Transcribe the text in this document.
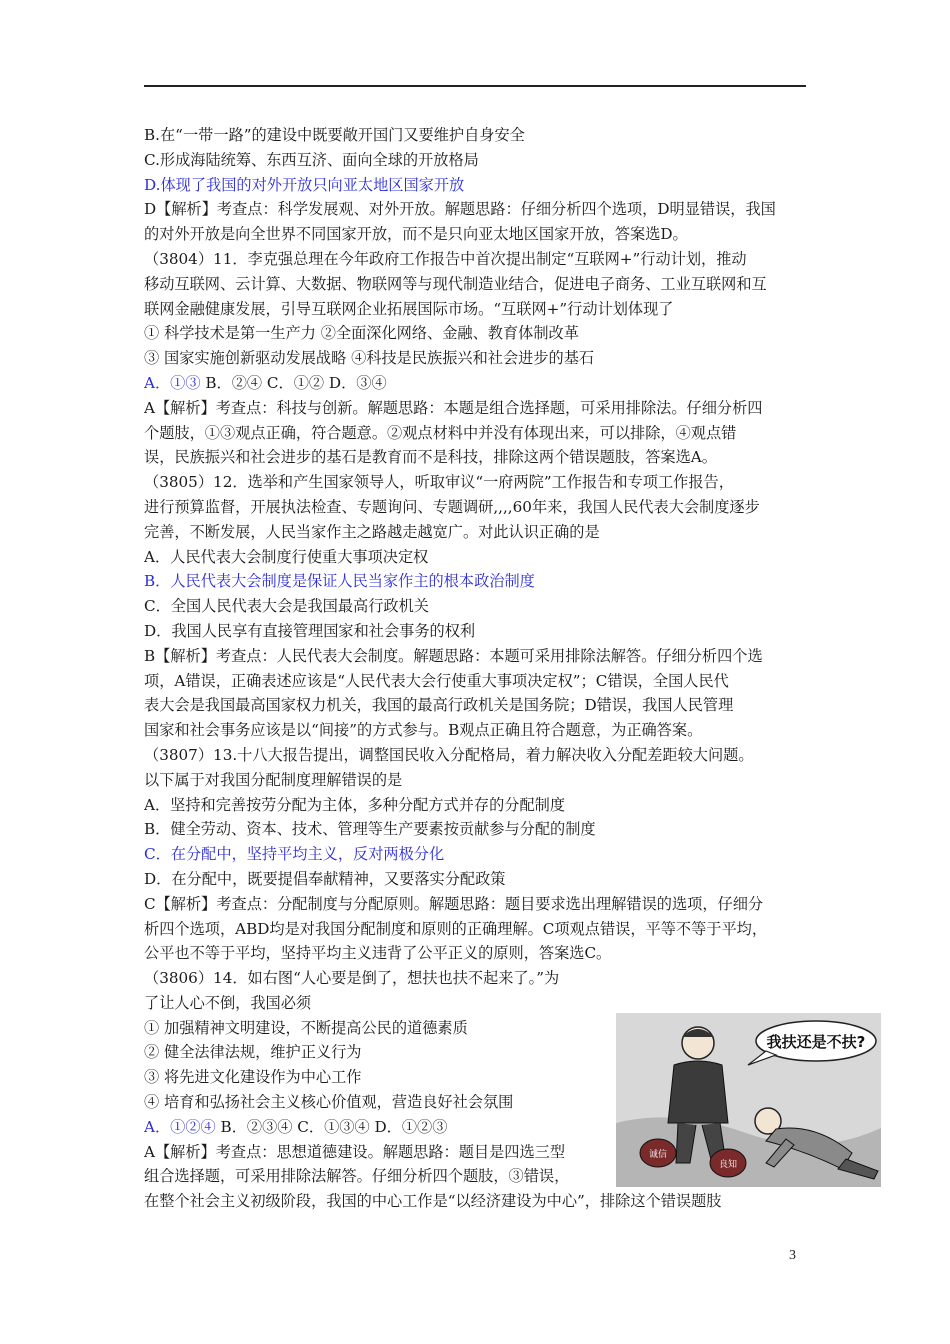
B.在“一带一路”的建设中既要敞开国门又要维护自身安全
C.形成海陆统筹、东西互济、面向全球的开放格局
D.体现了我国的对外开放只向亚太地区国家开放
D【解析】考查点：科学发展观、对外开放。解题思路：仔细分析四个选项，D明显错误，我国
的对外开放是向全世界不同国家开放，而不是只向亚太地区国家开放，答案选D。
（3804）11．李克强总理在今年政府工作报告中首次提出制定“互联网+”行动计划，推动
移动互联网、云计算、大数据、物联网等与现代制造业结合，促进电子商务、工业互联网和互
联网金融健康发展，引导互联网企业拓展国际市场。“互联网+”行动计划体现了
① 科学技术是第一生产力 ②全面深化网络、金融、教育体制改革
③ 国家实施创新驱动发展战略 ④科技是民族振兴和社会进步的基石
A．①③ B．②④ C．①② D．③④
A【解析】考查点：科技与创新。解题思路：本题是组合选择题，可采用排除法。仔细分析四
个题肢，①③观点正确，符合题意。②观点材料中并没有体现出来，可以排除，④观点错
误，民族振兴和社会进步的基石是教育而不是科技，排除这两个错误题肢，答案选A。
（3805）12．选举和产生国家领导人，听取审议“一府两院”工作报告和专项工作报告，
进行预算监督，开展执法检查、专题询问、专题调研,,,,60年来，我国人民代表大会制度逐步
完善，不断发展，人民当家作主之路越走越宽广。对此认识正确的是
A．人民代表大会制度行使重大事项决定权
B．人民代表大会制度是保证人民当家作主的根本政治制度
C．全国人民代表大会是我国最高行政机关
D．我国人民享有直接管理国家和社会事务的权利
B【解析】考查点：人民代表大会制度。解题思路：本题可采用排除法解答。仔细分析四个选
项，A错误，正确表述应该是“人民代表大会行使重大事项决定权”；C错误，全国人民代
表大会是我国最高国家权力机关，我国的最高行政机关是国务院；D错误，我国人民管理
国家和社会事务应该是以“间接”的方式参与。B观点正确且符合题意，为正确答案。
（3807）13.十八大报告提出，调整国民收入分配格局，着力解决收入分配差距较大问题。
以下属于对我国分配制度理解错误的是
A．坚持和完善按劳分配为主体，多种分配方式并存的分配制度
B．健全劳动、资本、技术、管理等生产要素按贡献参与分配的制度
C．在分配中，坚持平均主义，反对两极分化
D．在分配中，既要提倡奉献精神，又要落实分配政策
C【解析】考查点：分配制度与分配原则。解题思路：题目要求选出理解错误的选项，仔细分
析四个选项，ABD均是对我国分配制度和原则的正确理解。C项观点错误，平等不等于平均，
公平也不等于平均，坚持平均主义违背了公平正义的原则，答案选C。
（3806）14．如右图“人心要是倒了，想扶也扶不起来了。”为
了让人心不倒，我国必须
① 加强精神文明建设，不断提高公民的道德素质
② 健全法律法规，维护正义行为
③ 将先进文化建设作为中心工作
④ 培育和弘扬社会主义核心价值观，营造良好社会氛围
A．①②④ B．②③④ C．①③④ D．①②③
A【解析】考查点：思想道德建设。解题思路：题目是四选三型
组合选择题，可采用排除法解答。仔细分析四个题肢，③错误，
在整个社会主义初级阶段，我国的中心工作是“以经济建设为中心”，排除这个错误题肢
我扶还是不扶?
诚信
良知
3
